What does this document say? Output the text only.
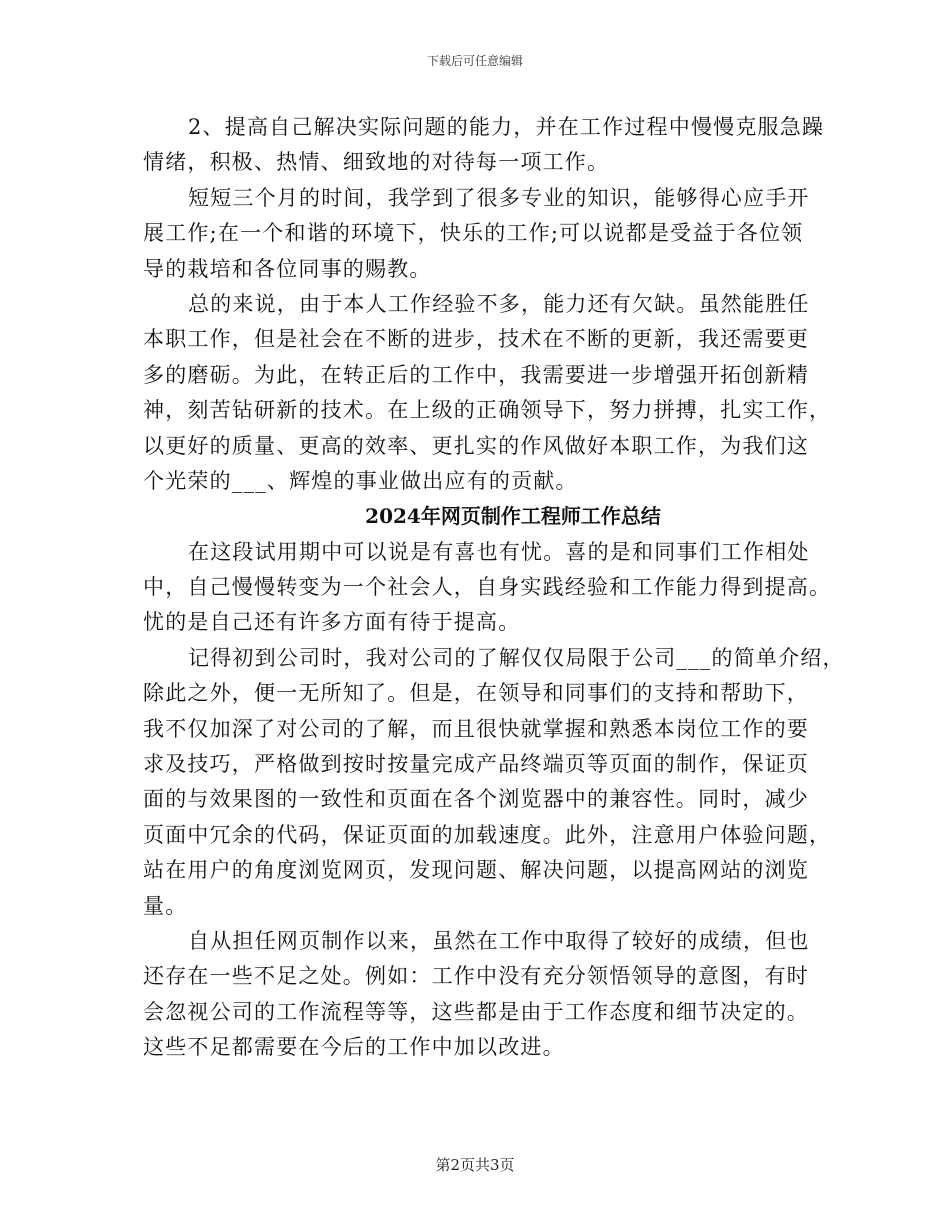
下载后可任意编辑
2、提高自己解决实际问题的能力，并在工作过程中慢慢克服急躁
情绪，积极、热情、细致地的对待每一项工作。
短短三个月的时间，我学到了很多专业的知识，能够得心应手开
展工作;在一个和谐的环境下，快乐的工作;可以说都是受益于各位领
导的栽培和各位同事的赐教。
总的来说，由于本人工作经验不多，能力还有欠缺。虽然能胜任
本职工作，但是社会在不断的进步，技术在不断的更新，我还需要更
多的磨砺。为此，在转正后的工作中，我需要进一步增强开拓创新精
神，刻苦钻研新的技术。在上级的正确领导下，努力拼搏，扎实工作，
以更好的质量、更高的效率、更扎实的作风做好本职工作，为我们这
个光荣的___、辉煌的事业做出应有的贡献。
2024年网页制作工程师工作总结
在这段试用期中可以说是有喜也有忧。喜的是和同事们工作相处
中，自己慢慢转变为一个社会人，自身实践经验和工作能力得到提高。
忧的是自己还有许多方面有待于提高。
记得初到公司时，我对公司的了解仅仅局限于公司___的简单介绍，
除此之外，便一无所知了。但是，在领导和同事们的支持和帮助下，
我不仅加深了对公司的了解，而且很快就掌握和熟悉本岗位工作的要
求及技巧，严格做到按时按量完成产品终端页等页面的制作，保证页
面的与效果图的一致性和页面在各个浏览器中的兼容性。同时，减少
页面中冗余的代码，保证页面的加载速度。此外，注意用户体验问题，
站在用户的角度浏览网页，发现问题、解决问题，以提高网站的浏览
量。
自从担任网页制作以来，虽然在工作中取得了较好的成绩，但也
还存在一些不足之处。例如：工作中没有充分领悟领导的意图，有时
会忽视公司的工作流程等等，这些都是由于工作态度和细节决定的。
这些不足都需要在今后的工作中加以改进。
第2页共3页
